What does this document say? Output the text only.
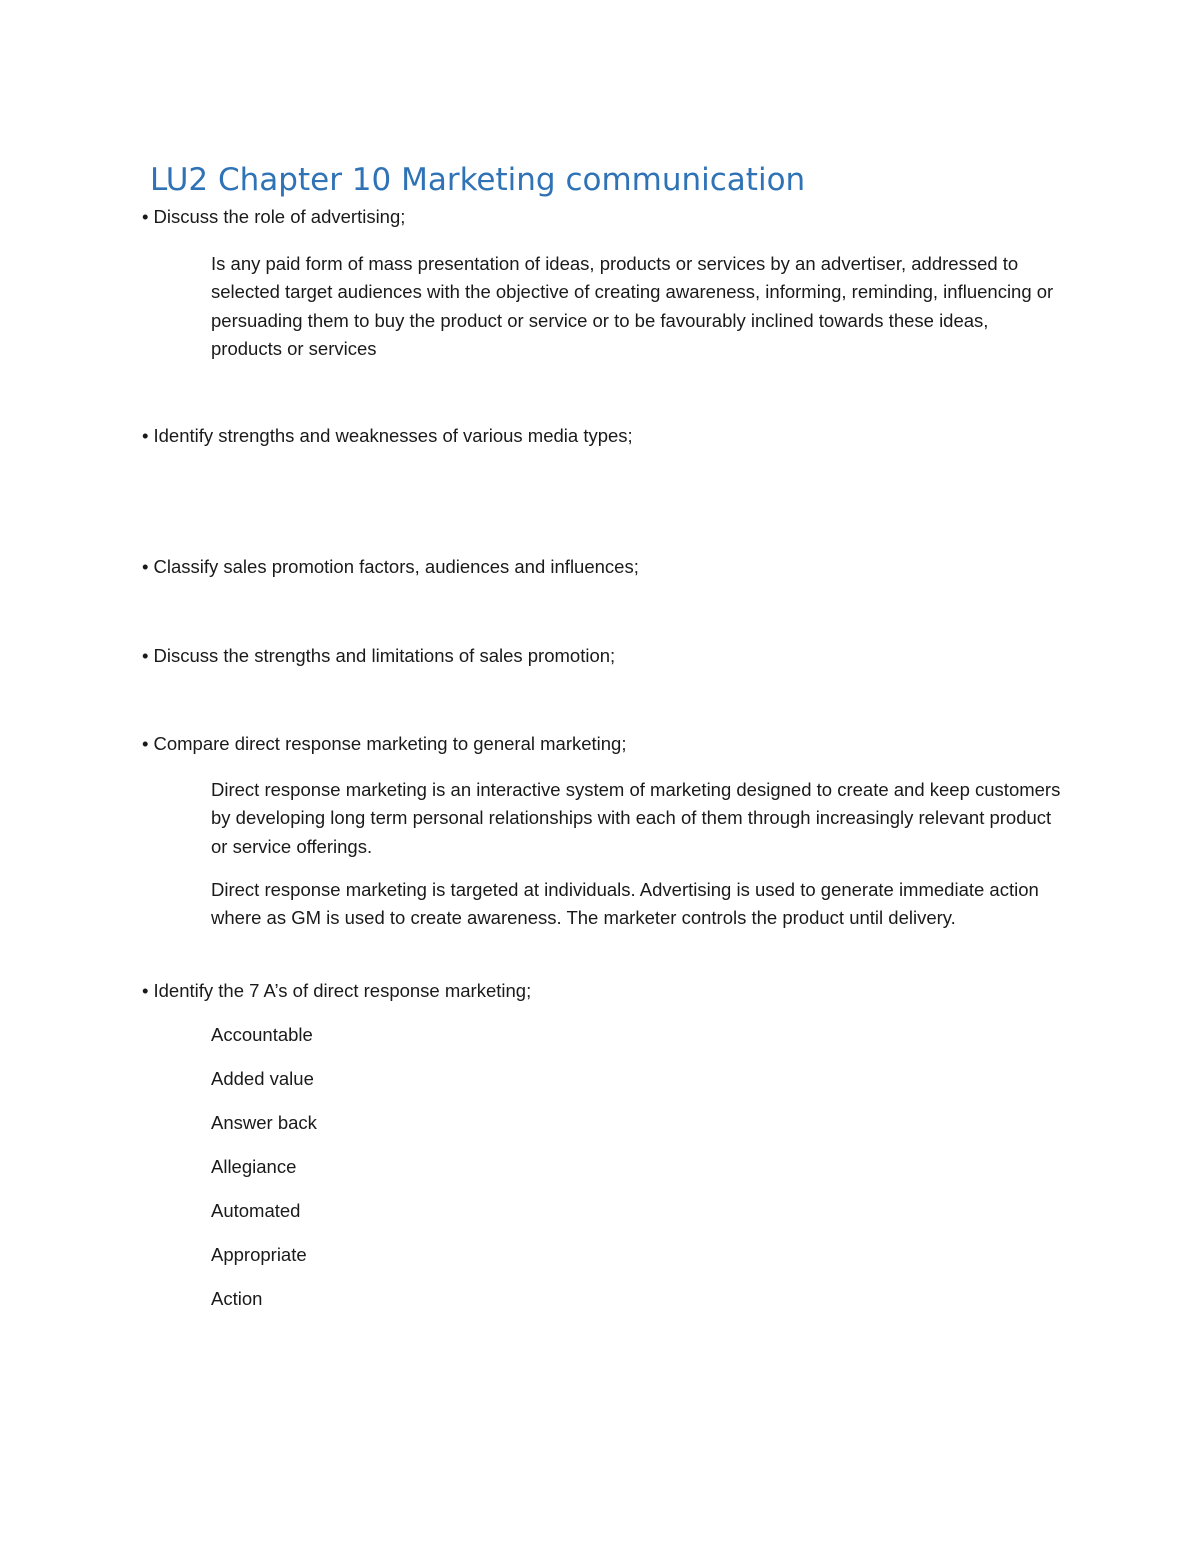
LU2 Chapter 10 Marketing communication
• Discuss the role of advertising;
Is any paid form of mass presentation of ideas, products or services by an advertiser, addressed to selected target audiences with the objective of creating awareness, informing, reminding, influencing or persuading them to buy the product or service or to be favourably inclined towards these ideas, products or services
• Identify strengths and weaknesses of various media types;
• Classify sales promotion factors, audiences and influences;
• Discuss the strengths and limitations of sales promotion;
• Compare direct response marketing to general marketing;
Direct response marketing is an interactive system of marketing designed to create and keep customers by developing long term personal relationships with each of them through increasingly relevant product or service offerings.
Direct response marketing is targeted at individuals. Advertising is used to generate immediate action where as GM is used to create awareness. The marketer controls the product until delivery.
• Identify the 7 A’s of direct response marketing;
Accountable
Added value
Answer back
Allegiance
Automated
Appropriate
Action
